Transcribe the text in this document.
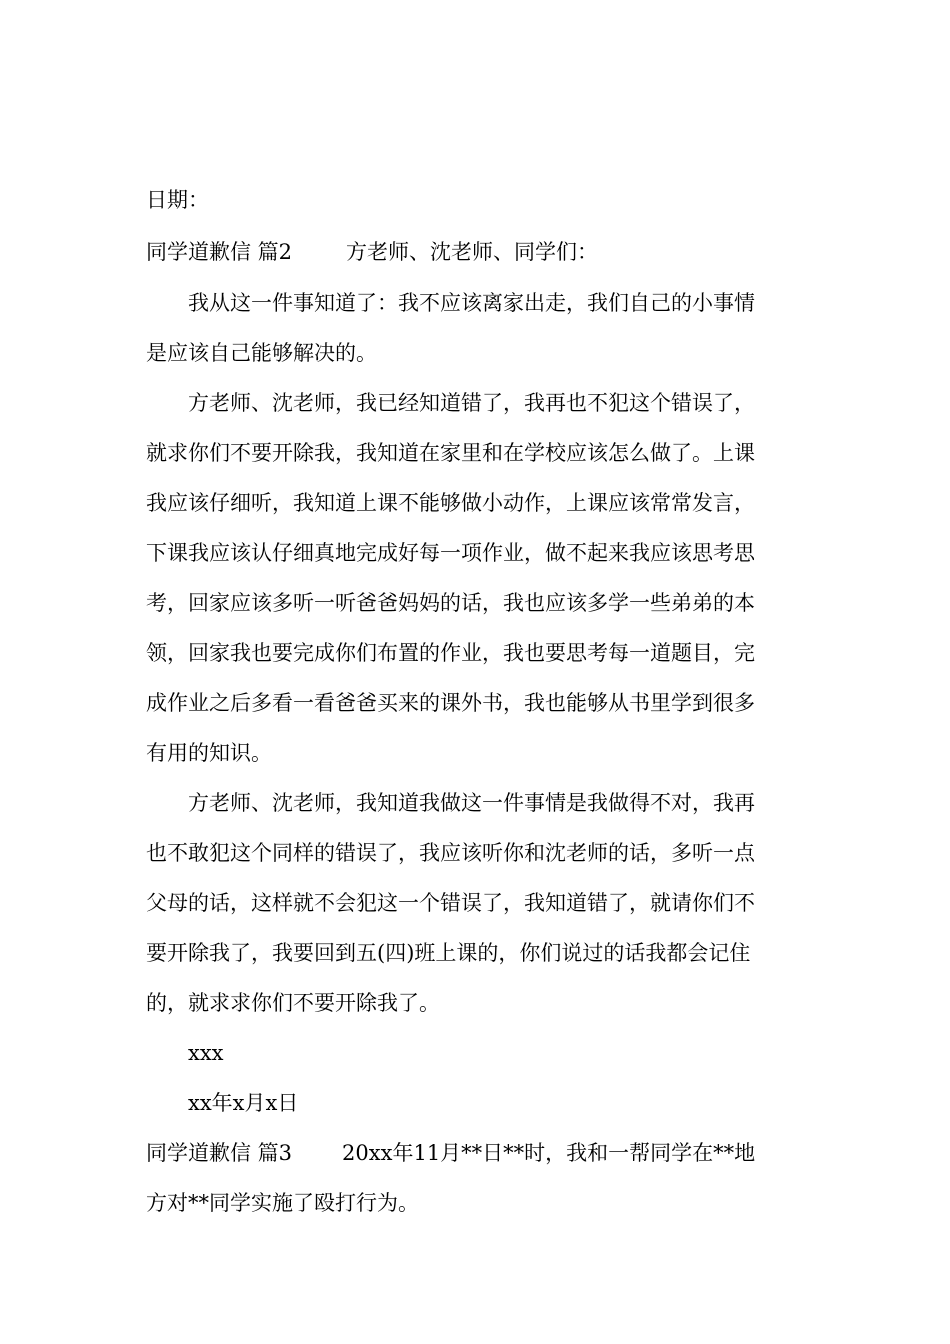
日期：
同学道歉信 篇2	方老师、沈老师、同学们：
我从这一件事知道了：我不应该离家出走，我们自己的小事情
是应该自己能够解决的。
方老师、沈老师，我已经知道错了，我再也不犯这个错误了，
就求你们不要开除我，我知道在家里和在学校应该怎么做了。上课
我应该仔细听，我知道上课不能够做小动作，上课应该常常发言，
下课我应该认仔细真地完成好每一项作业，做不起来我应该思考思
考，回家应该多听一听爸爸妈妈的话，我也应该多学一些弟弟的本
领，回家我也要完成你们布置的作业，我也要思考每一道题目，完
成作业之后多看一看爸爸买来的课外书，我也能够从书里学到很多
有用的知识。
方老师、沈老师，我知道我做这一件事情是我做得不对，我再
也不敢犯这个同样的错误了，我应该听你和沈老师的话，多听一点
父母的话，这样就不会犯这一个错误了，我知道错了，就请你们不
要开除我了，我要回到五(四)班上课的，你们说过的话我都会记住
的，就求求你们不要开除我了。
xxx
xx年x月x日
同学道歉信 篇3 20xx年11月**日**时，我和一帮同学在**地
方对**同学实施了殴打行为。
